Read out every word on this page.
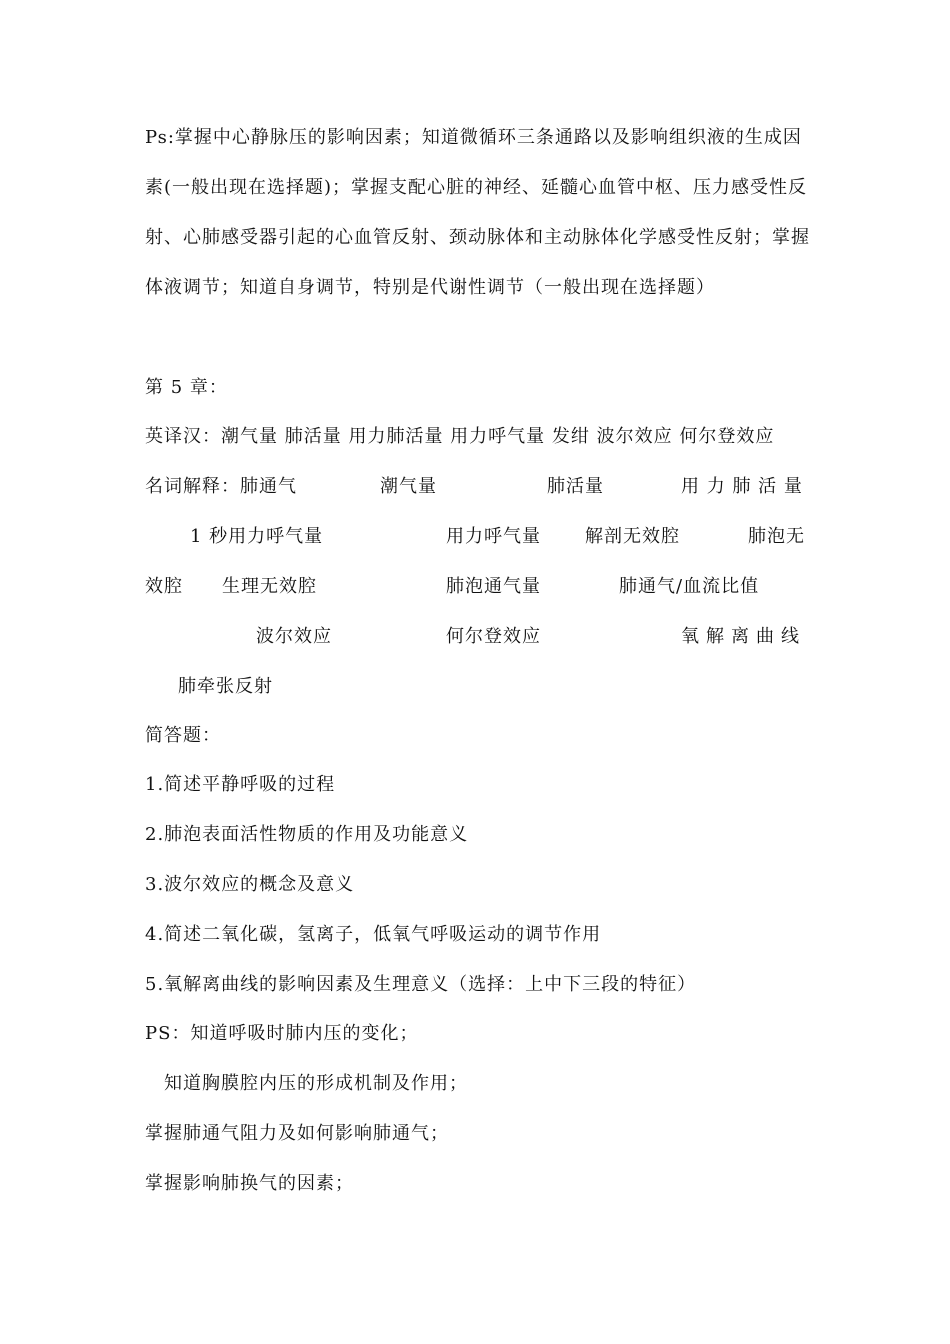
Ps:掌握中心静脉压的影响因素；知道微循环三条通路以及影响组织液的生成因
素(一般出现在选择题)；掌握支配心脏的神经、延髓心血管中枢、压力感受性反
射、心肺感受器引起的心血管反射、颈动脉体和主动脉体化学感受性反射；掌握
体液调节；知道自身调节，特别是代谢性调节（一般出现在选择题）
第 5 章：
英译汉：潮气量 肺活量 用力肺活量 用力呼气量 发绀 波尔效应 何尔登效应
名词解释： 肺通气	潮气量	肺活量	用 力 肺 活 量
1 秒用力呼气量	用力呼气量 解剖无效腔	肺泡无
效腔 生理无效腔	肺泡通气量	肺通气/血流比值
波尔效应	何尔登效应	氧解离曲线
肺牵张反射
简答题：
1.简述平静呼吸的过程
2.肺泡表面活性物质的作用及功能意义
3.波尔效应的概念及意义
4.简述二氧化碳，氢离子，低氧气呼吸运动的调节作用
5.氧解离曲线的影响因素及生理意义（选择：上中下三段的特征）
PS：知道呼吸时肺内压的变化；
知道胸膜腔内压的形成机制及作用；
掌握肺通气阻力及如何影响肺通气；
掌握影响肺换气的因素；
